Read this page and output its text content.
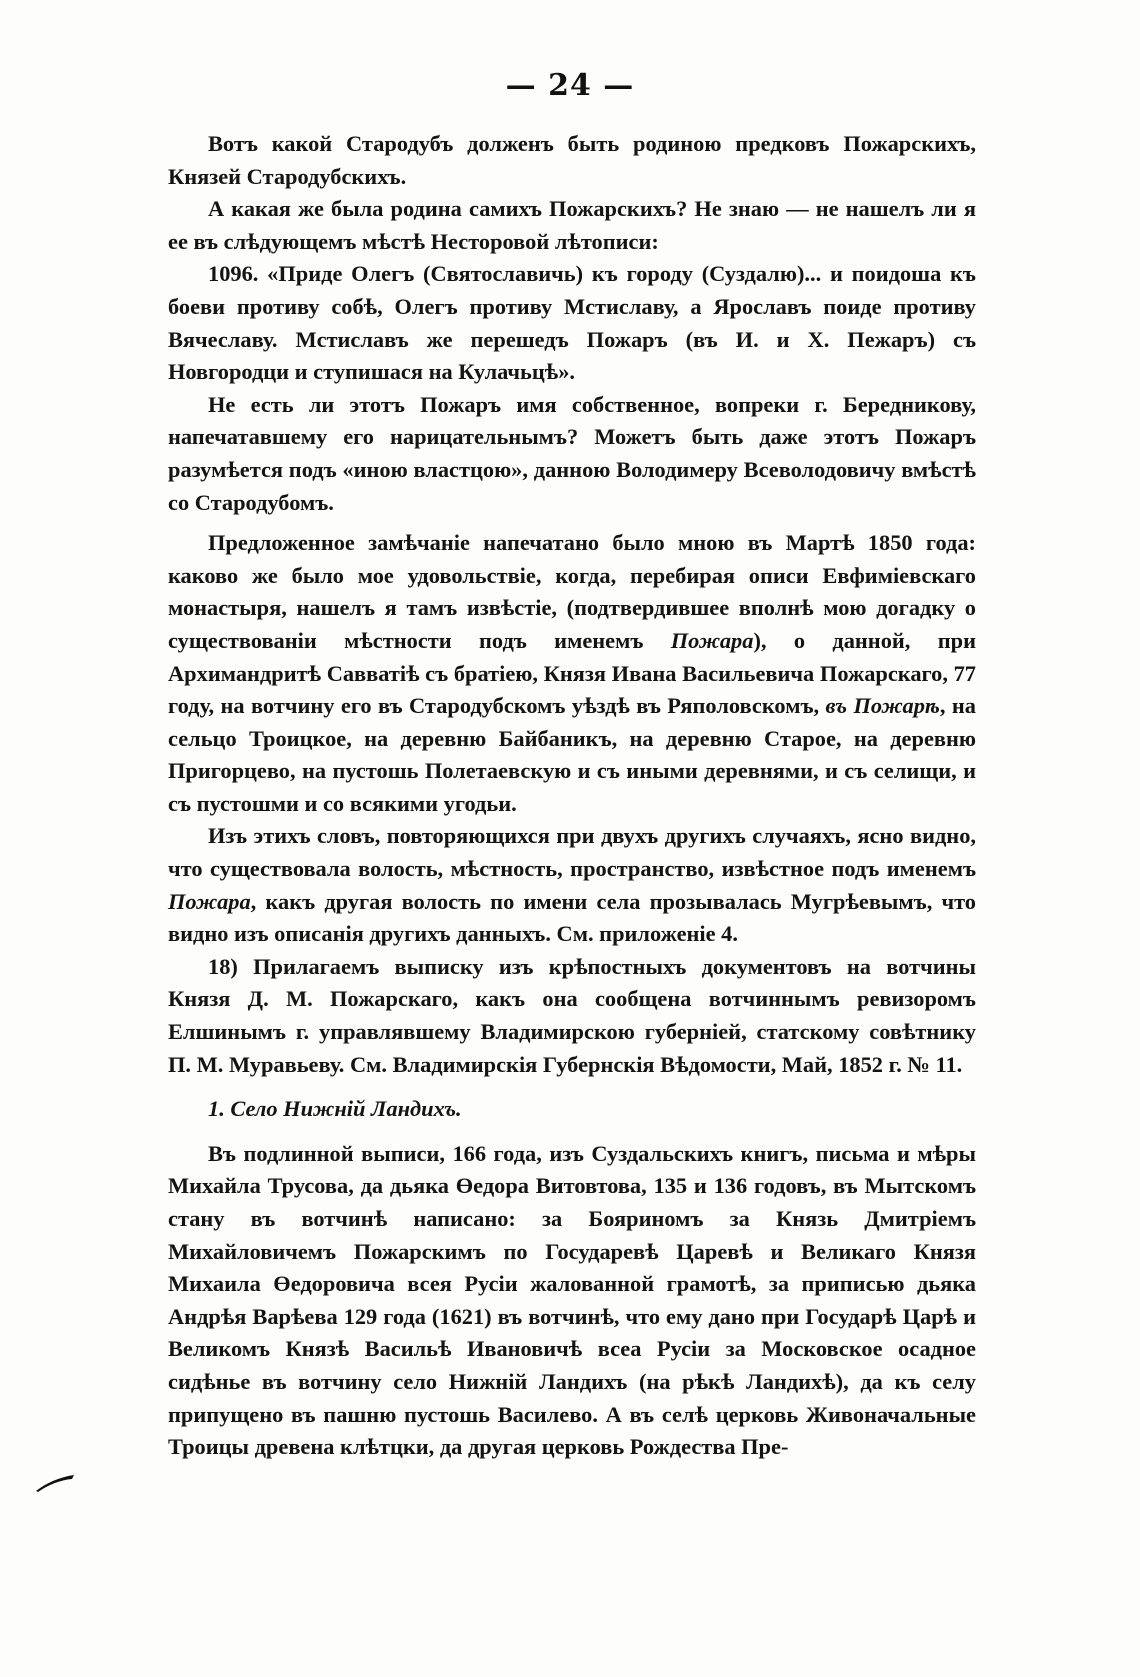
— 24 —

Вотъ какой Стародубъ долженъ быть родиною предковъ Пожарскихъ, Князей Стародубскихъ.

А какая же была родина самихъ Пожарскихъ? Не знаю — не нашелъ ли я ее въ слѣдующемъ мѣстѣ Несторовой лѣтописи:

1096. «Приде Олегъ (Святославичь) къ городу (Суздалю)... и поидоша къ боеви противу собѣ, Олегъ противу Мстиславу, а Ярославъ поиде противу Вячеславу. Мстиславъ же перешедъ Пожаръ (въ И. и Х. Пежаръ) съ Новгородци и ступишася на Кулачьцѣ».

Не есть ли этотъ Пожаръ имя собственное, вопреки г. Бередникову, напечатавшему его нарицательнымъ? Можетъ быть даже этотъ Пожаръ разумѣется подъ «иною властцою», данною Володимеру Всеволодовичу вмѣстѣ со Стародубомъ.

Предложенное замѣчаніе напечатано было мною въ Мартѣ 1850 года: каково же было мое удовольствіе, когда, перебирая описи Евфиміевскаго монастыря, нашелъ я тамъ извѣстіе, (подтвердившее вполнѣ мою догадку о существованіи мѣстности подъ именемъ Пожара), о данной, при Архимандритѣ Савватіѣ съ братіею, Князя Ивана Васильевича Пожарскаго, 77 году, на вотчину его въ Стародубскомъ уѣздѣ въ Ряполовскомъ, въ Пожарѣ, на сельцо Троицкое, на деревню Байбаникъ, на деревню Старое, на деревню Пригорцево, на пустошь Полетаевскую и съ иными деревнями, и съ селищи, и съ пустошми и со всякими угодьи.

Изъ этихъ словъ, повторяющихся при двухъ другихъ случаяхъ, ясно видно, что существовала волость, мѣстность, пространство, извѣстное подъ именемъ Пожара, какъ другая волость по имени села прозывалась Мугрѣевымъ, что видно изъ описанія другихъ данныхъ. См. приложеніе 4.

18) Прилагаемъ выписку изъ крѣпостныхъ документовъ на вотчины Князя Д. М. Пожарскаго, какъ она сообщена вотчиннымъ ревизоромъ Елшинымъ г. управлявшему Владимирскою губерніей, статскому совѣтнику П. М. Муравьеву. См. Владимирскія Губернскія Вѣдомости, Май, 1852 г. № 11.

1. Село Нижній Ландихъ.

Въ подлинной выписи, 166 года, изъ Суздальскихъ книгъ, письма и мѣры Михайла Трусова, да дьяка Өедора Витовтова, 135 и 136 годовъ, въ Мытскомъ стану въ вотчинѣ написано: за Бояриномъ за Князь Дмитріемъ Михайловичемъ Пожарскимъ по Государевѣ Царевѣ и Великаго Князя Михаила Өедоровича всея Русіи жалованной грамотѣ, за приписью дьяка Андрѣя Варѣева 129 года (1621) въ вотчинѣ, что ему дано при Государѣ Царѣ и Великомъ Князѣ Васильѣ Ивановичѣ всеа Русіи за Московское осадное сидѣнье въ вотчину село Нижній Ландихъ (на рѣкѣ Ландихѣ), да къ селу припущено въ пашню пустошь Василево. А въ селѣ церковь Живоначальные Троицы древена клѣтцки, да другая церковь Рождества Пре-
